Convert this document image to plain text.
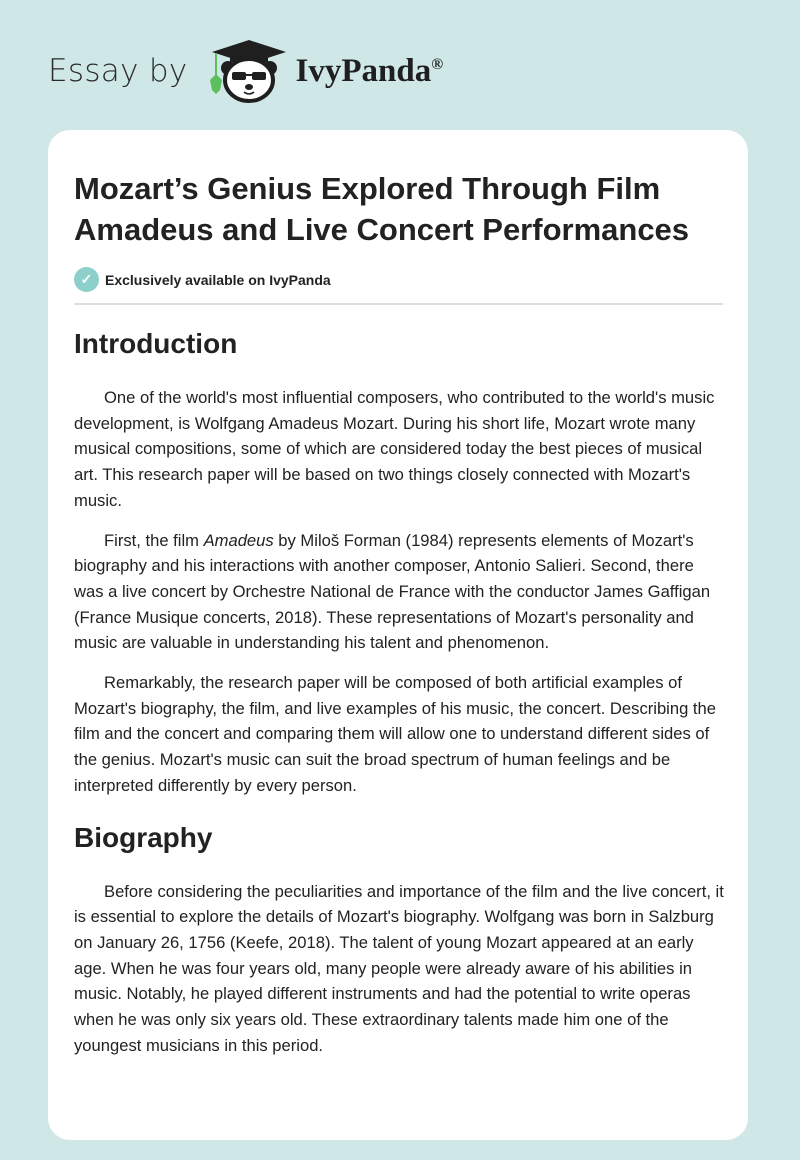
Essay by	IvyPanda®
Mozart’s Genius Explored Through Film Amadeus and Live Concert Performances
✓ Exclusively available on IvyPanda
Introduction

One of the world's most influential composers, who contributed to the world's music development, is Wolfgang Amadeus Mozart. During his short life, Mozart wrote many musical compositions, some of which are considered today the best pieces of musical art. This research paper will be based on two things closely connected with Mozart's music.

First, the film Amadeus by Miloš Forman (1984) represents elements of Mozart's biography and his interactions with another composer, Antonio Salieri. Second, there was a live concert by Orchestre National de France with the conductor James Gaffigan (France Musique concerts, 2018). These representations of Mozart's personality and music are valuable in understanding his talent and phenomenon.

Remarkably, the research paper will be composed of both artificial examples of Mozart's biography, the film, and live examples of his music, the concert. Describing the film and the concert and comparing them will allow one to understand different sides of the genius. Mozart's music can suit the broad spectrum of human feelings and be interpreted differently by every person.

Biography

Before considering the peculiarities and importance of the film and the live concert, it is essential to explore the details of Mozart's biography. Wolfgang was born in Salzburg on January 26, 1756 (Keefe, 2018). The talent of young Mozart appeared at an early age. When he was four years old, many people were already aware of his abilities in music. Notably, he played different instruments and had the potential to write operas when he was only six years old. These extraordinary talents made him one of the youngest musicians in this period.
